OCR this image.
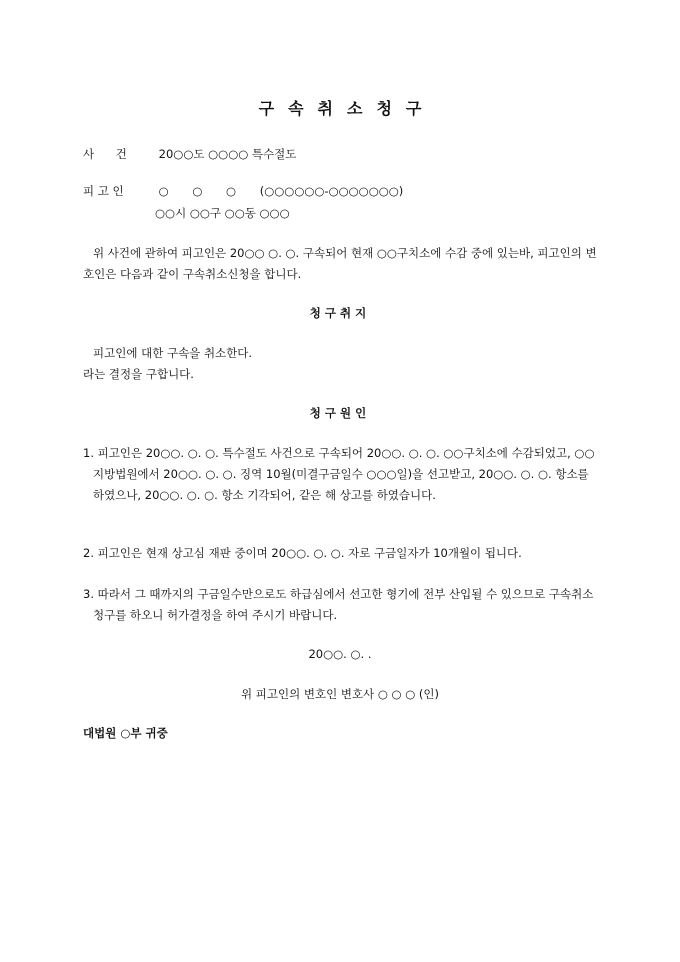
구속취소청구
사 건	20○○도 ○○○○ 특수절도
피 고 인	○ ○ ○ (○○○○○○-○○○○○○○)
○○시 ○○구 ○○동 ○○○
위 사건에 관하여 피고인은 20○○ ○. ○. 구속되어 현재 ○○구치소에 수감 중에 있는바, 피고인의 변호인은 다음과 같이 구속취소신청을 합니다.
청구취지
피고인에 대한 구속을 취소한다.
라는 결정을 구합니다.
청구원인
1. 피고인은 20○○. ○. ○. 특수절도 사건으로 구속되어 20○○. ○. ○. ○○구치소에 수감되었고, ○○지방법원에서 20○○. ○. ○. 징역 10월(미결구금일수 ○○○일)을 선고받고, 20○○. ○. ○. 항소를 하였으나, 20○○. ○. ○. 항소 기각되어, 같은 해 상고를 하였습니다.
2. 피고인은 현재 상고심 재판 중이며 20○○. ○. ○. 자로 구금일자가 10개월이 됩니다.
3. 따라서 그 때까지의 구금일수만으로도 하급심에서 선고한 형기에 전부 산입될 수 있으므로 구속취소청구를 하오니 허가결정을 하여 주시기 바랍니다.
20○○. ○. .
위 피고인의 변호인 변호사 ○ ○ ○ (인)
대법원 ○부 귀중
